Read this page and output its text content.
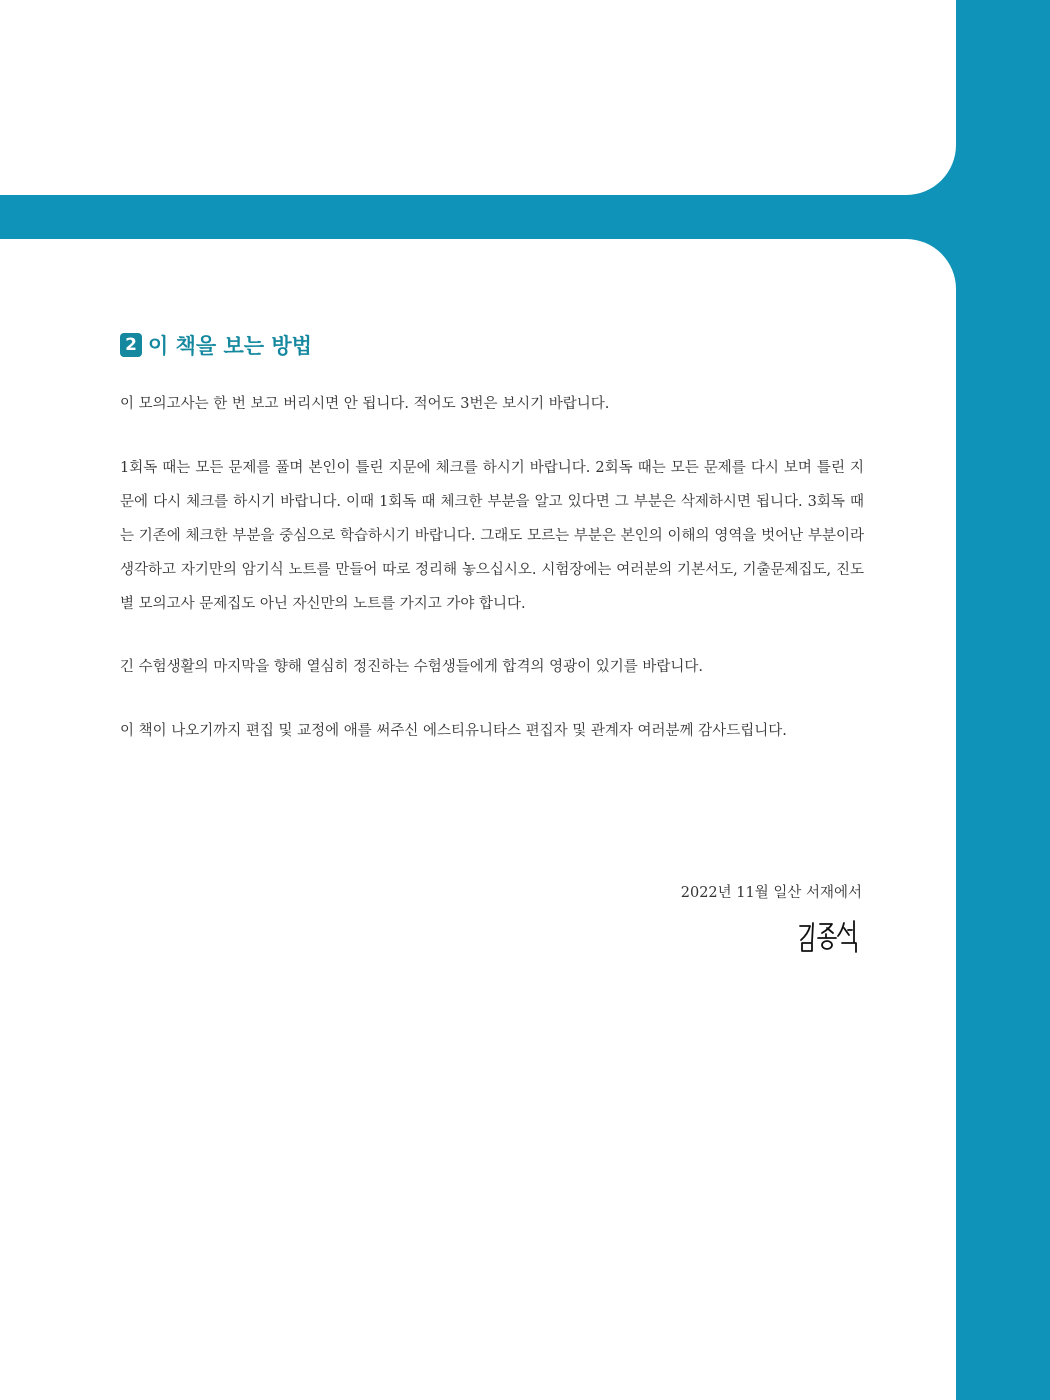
2 이 책을 보는 방법

이 모의고사는 한 번 보고 버리시면 안 됩니다. 적어도 3번은 보시기 바랍니다.

1회독 때는 모든 문제를 풀며 본인이 틀린 지문에 체크를 하시기 바랍니다. 2회독 때는 모든 문제를 다시 보며 틀린 지문에 다시 체크를 하시기 바랍니다. 이때 1회독 때 체크한 부분을 알고 있다면 그 부분은 삭제하시면 됩니다. 3회독 때는 기존에 체크한 부분을 중심으로 학습하시기 바랍니다. 그래도 모르는 부분은 본인의 이해의 영역을 벗어난 부분이라 생각하고 자기만의 암기식 노트를 만들어 따로 정리해 놓으십시오. 시험장에는 여러분의 기본서도, 기출문제집도, 진도별 모의고사 문제집도 아닌 자신만의 노트를 가지고 가야 합니다.

긴 수험생활의 마지막을 향해 열심히 정진하는 수험생들에게 합격의 영광이 있기를 바랍니다.

이 책이 나오기까지 편집 및 교정에 애를 써주신 에스티유니타스 편집자 및 관계자 여러분께 감사드립니다.

2022년 11월 일산 서재에서
